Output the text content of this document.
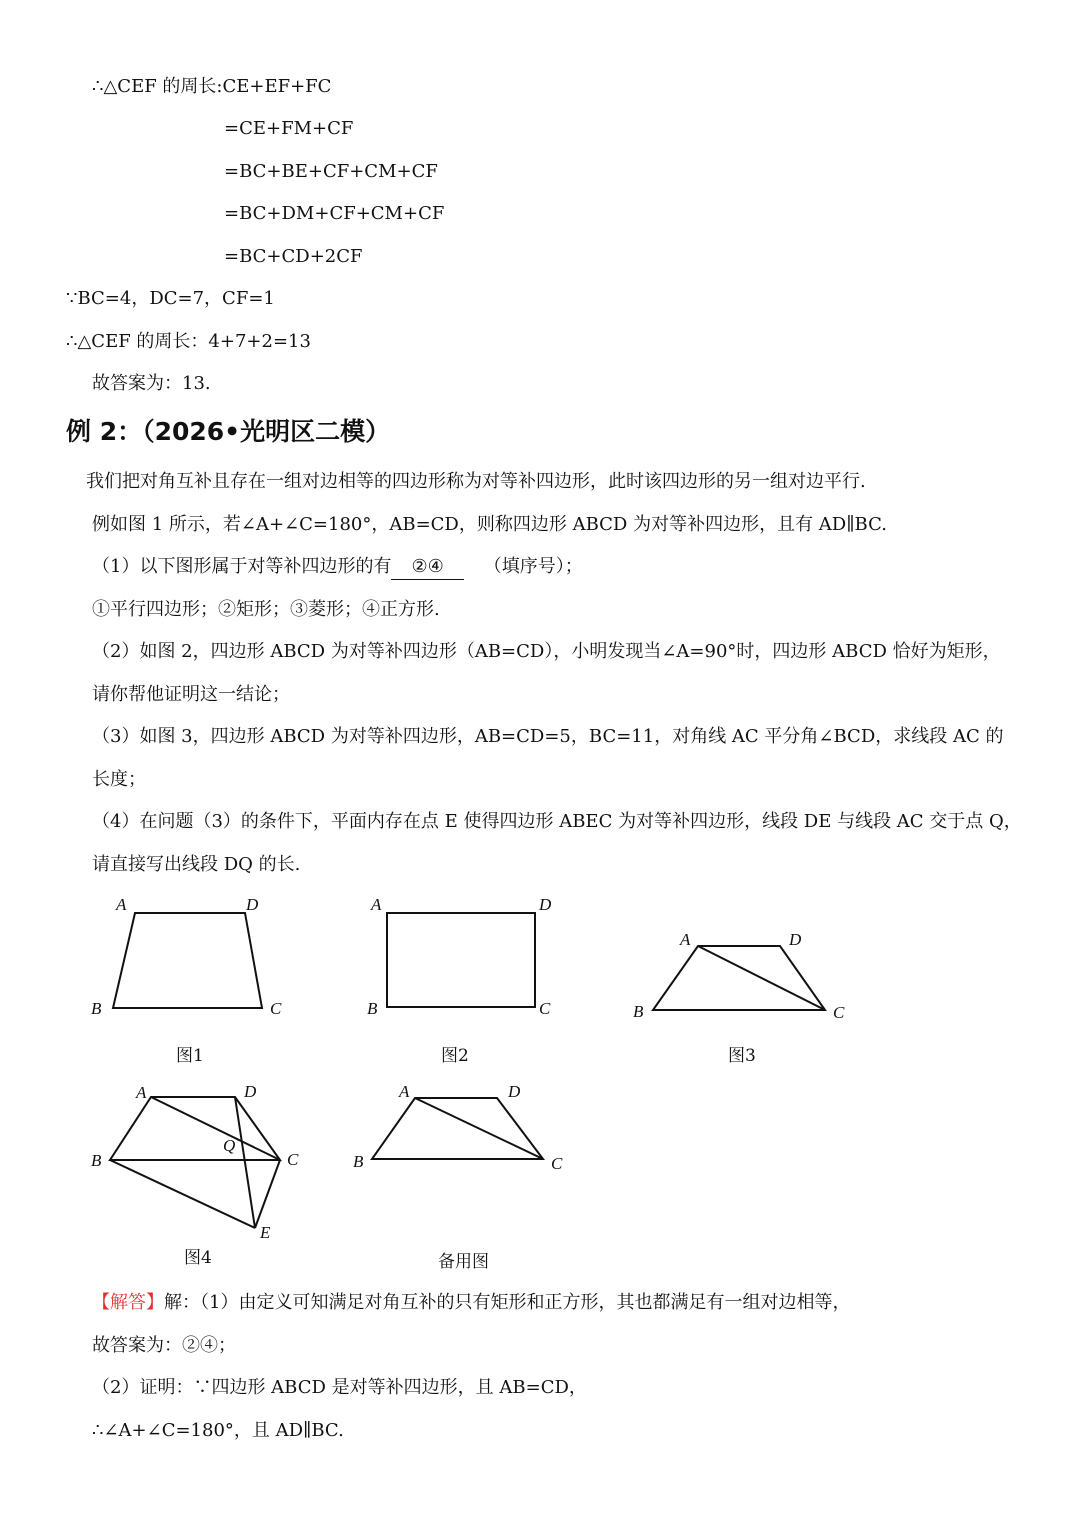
∴△CEF 的周长:CE+EF+FC
=CE+FM+CF
=BC+BE+CF+CM+CF
=BC+DM+CF+CM+CF
=BC+CD+2CF
∵BC=4，DC=7，CF=1
∴△CEF 的周长：4+7+2=13
故答案为：13.
例 2：（2026•光明区二模）
我们把对角互补且存在一组对边相等的四边形称为对等补四边形，此时该四边形的另一组对边平行.
例如图 1 所示，若∠A+∠C=180°，AB=CD，则称四边形 ABCD 为对等补四边形，且有 AD∥BC.
（1）以下图形属于对等补四边形的有 ②④ （填序号）；
①平行四边形；②矩形；③菱形；④正方形.
（2）如图 2，四边形 ABCD 为对等补四边形（AB=CD），小明发现当∠A=90°时，四边形 ABCD 恰好为矩形，
请你帮他证明这一结论；
（3）如图 3，四边形 ABCD 为对等补四边形，AB=CD=5，BC=11，对角线 AC 平分角∠BCD，求线段 AC 的
长度；
（4）在问题（3）的条件下，平面内存在点 E 使得四边形 ABEC 为对等补四边形，线段 DE 与线段 AC 交于点 Q，
请直接写出线段 DQ 的长.
A	D
B	C
图1
A	D
B	C
图2
A	D
B	C
图3
A	D
B	C
Q
E
图4
A	D
B	C
备用图
【解答】解：（1）由定义可知满足对角互补的只有矩形和正方形，其也都满足有一组对边相等，
故答案为：②④；
（2）证明：∵四边形 ABCD 是对等补四边形，且 AB=CD，
∴∠A+∠C=180°，且 AD∥BC.
